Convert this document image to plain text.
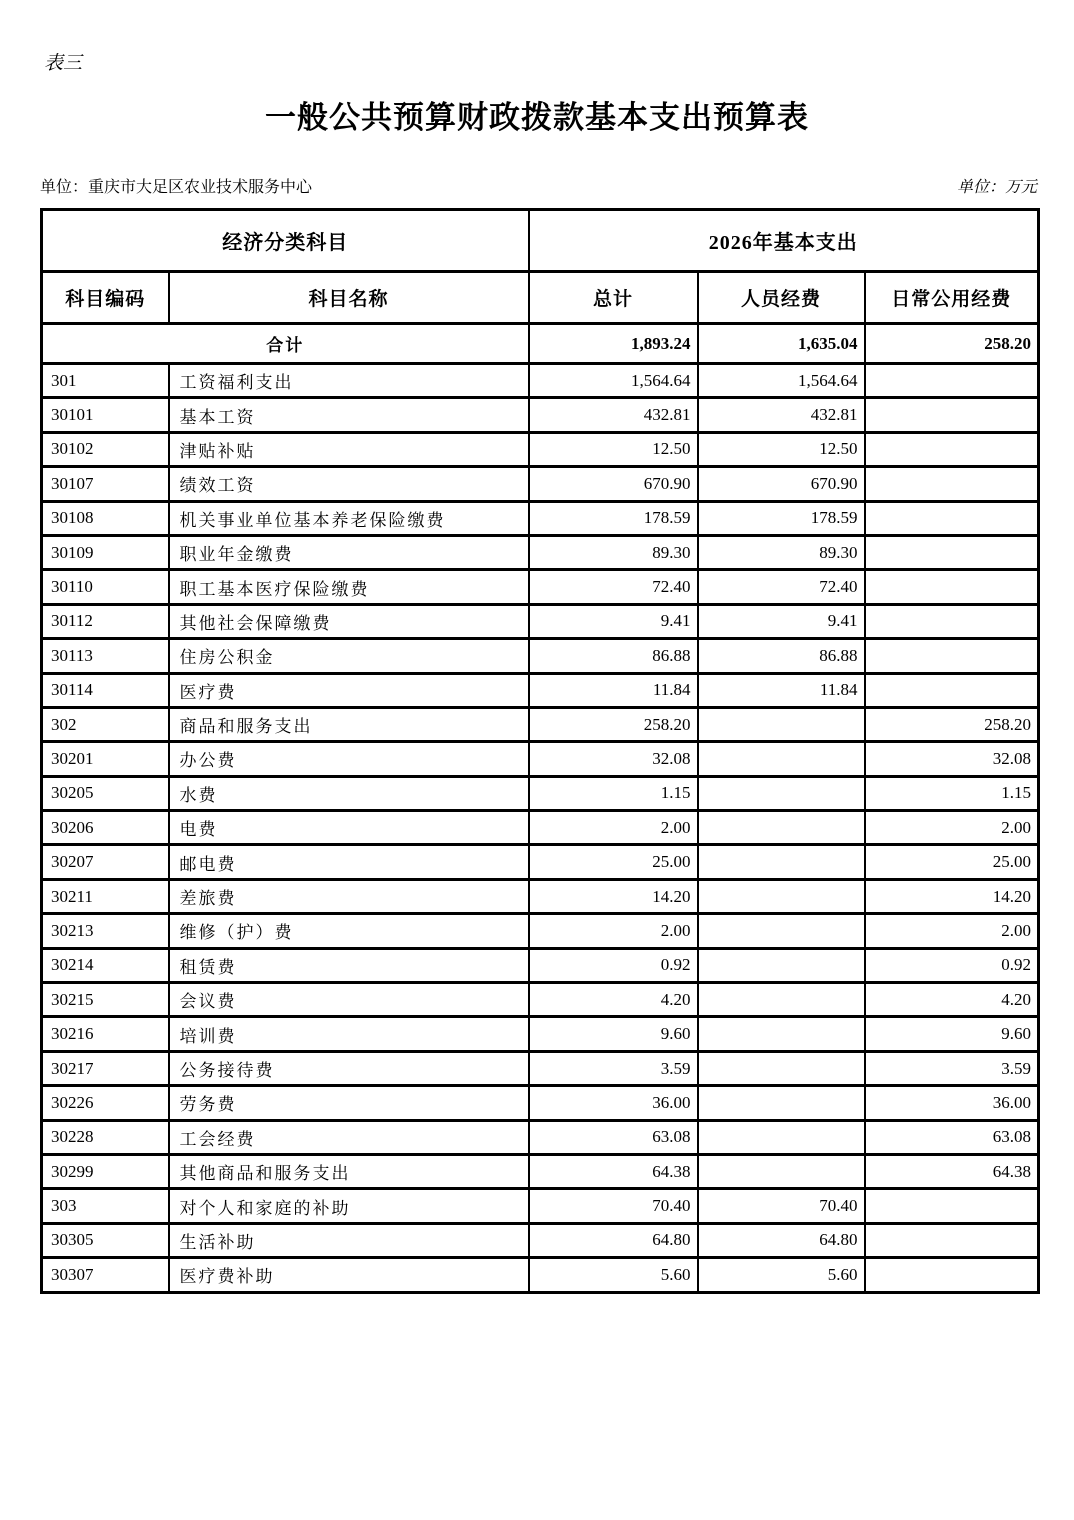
表三
一般公共预算财政拨款基本支出预算表
单位：重庆市大足区农业技术服务中心	单位：万元
经济分类科目		2026年基本支出		
科目编码	科目名称	总计	人员经费	日常公用经费
合计		1,893.24	1,635.04	258.20
301	工资福利支出	1,564.64	1,564.64	
30101	基本工资	432.81	432.81	
30102	津贴补贴	12.50	12.50	
30107	绩效工资	670.90	670.90	
30108	机关事业单位基本养老保险缴费	178.59	178.59	
30109	职业年金缴费	89.30	89.30	
30110	职工基本医疗保险缴费	72.40	72.40	
30112	其他社会保障缴费	9.41	9.41	
30113	住房公积金	86.88	86.88	
30114	医疗费	11.84	11.84	
302	商品和服务支出	258.20		258.20
30201	办公费	32.08		32.08
30205	水费	1.15		1.15
30206	电费	2.00		2.00
30207	邮电费	25.00		25.00
30211	差旅费	14.20		14.20
30213	维修（护）费	2.00		2.00
30214	租赁费	0.92		0.92
30215	会议费	4.20		4.20
30216	培训费	9.60		9.60
30217	公务接待费	3.59		3.59
30226	劳务费	36.00		36.00
30228	工会经费	63.08		63.08
30299	其他商品和服务支出	64.38		64.38
303	对个人和家庭的补助	70.40	70.40	
30305	生活补助	64.80	64.80	
30307	医疗费补助	5.60	5.60	
